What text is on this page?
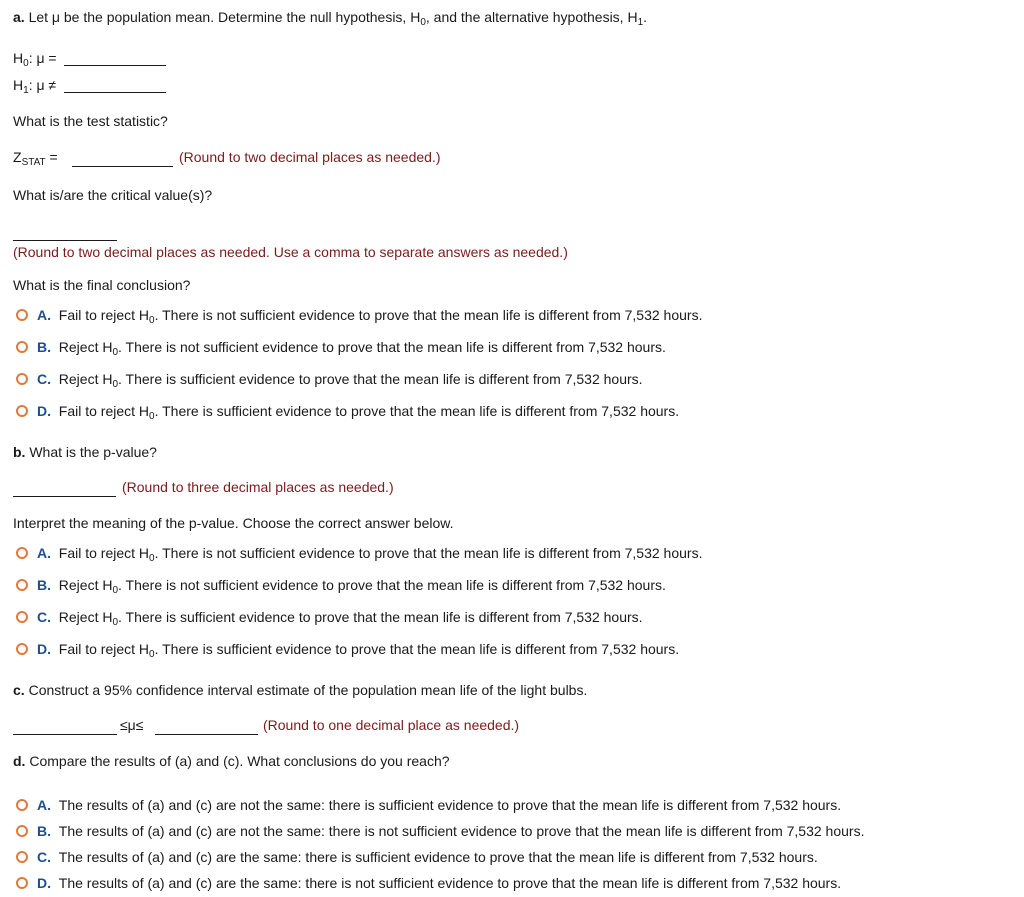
a. Let μ be the population mean. Determine the null hypothesis, $H_0$, and the alternative hypothesis, $H_1$.
$H_0$: μ =
$H_1$: μ ≠
What is the test statistic?
$Z_{STAT}$ =	(Round to two decimal places as needed.)
What is/are the critical value(s)?
(Round to two decimal places as needed. Use a comma to separate answers as needed.)
What is the final conclusion?
A. Fail to reject $H_0$. There is not sufficient evidence to prove that the mean life is different from 7,532 hours.
B. Reject $H_0$. There is not sufficient evidence to prove that the mean life is different from 7,532 hours.
C. Reject $H_0$. There is sufficient evidence to prove that the mean life is different from 7,532 hours.
D. Fail to reject $H_0$. There is sufficient evidence to prove that the mean life is different from 7,532 hours.
b. What is the p-value?
(Round to three decimal places as needed.)
Interpret the meaning of the p-value. Choose the correct answer below.
A. Fail to reject $H_0$. There is not sufficient evidence to prove that the mean life is different from 7,532 hours.
B. Reject $H_0$. There is not sufficient evidence to prove that the mean life is different from 7,532 hours.
C. Reject $H_0$. There is sufficient evidence to prove that the mean life is different from 7,532 hours.
D. Fail to reject $H_0$. There is sufficient evidence to prove that the mean life is different from 7,532 hours.
c. Construct a 95% confidence interval estimate of the population mean life of the light bulbs.
≤μ≤	(Round to one decimal place as needed.)
d. Compare the results of (a) and (c). What conclusions do you reach?
A. The results of (a) and (c) are not the same: there is sufficient evidence to prove that the mean life is different from 7,532 hours.
B. The results of (a) and (c) are not the same: there is not sufficient evidence to prove that the mean life is different from 7,532 hours.
C. The results of (a) and (c) are the same: there is sufficient evidence to prove that the mean life is different from 7,532 hours.
D. The results of (a) and (c) are the same: there is not sufficient evidence to prove that the mean life is different from 7,532 hours.
